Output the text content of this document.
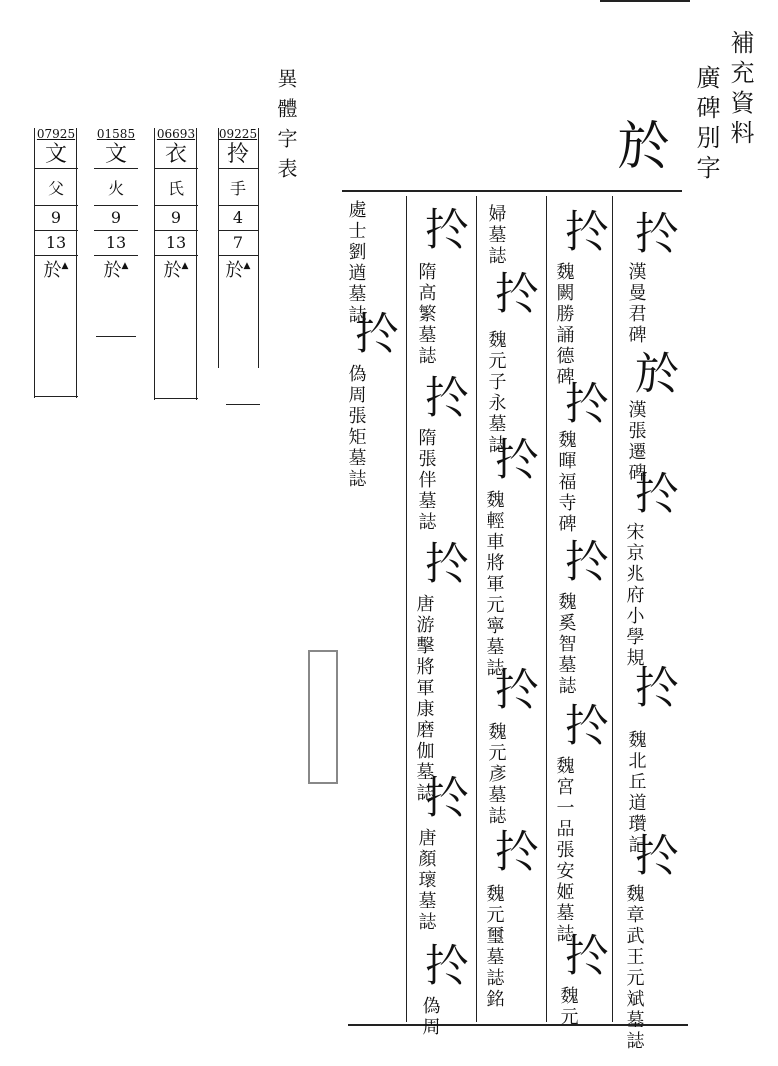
補充資料
廣碑別字
於
扵
漢曼君碑
於
漢張遷碑
扵
宋京兆府小學規
扵
魏北丘道瓚記
扵
魏章武王元斌墓誌
扵
魏闕勝誦德碑
扵
魏暉福寺碑
扵
魏奚智墓誌
扵
魏宮一品張安姬墓誌
扵
魏元
婦墓誌
扵
魏元子永墓誌
扵
魏輕車將軍元寧墓誌
扵
魏元彥墓誌
扵
魏元璽墓誌銘
扵
隋高繁墓誌
扵
隋張伴墓誌
扵
唐游擊將軍康磨伽墓誌
扵
唐顏瓌墓誌
扵
偽周
處士劉遒墓誌
扵
偽周張矩墓誌
異體字表
07925
⽂
父
9
13
於▲
01585
⽂
火
9
13
於▲
06693
⾐
氏
9
13
於▲
09225
拎
手
4
7
於▲
